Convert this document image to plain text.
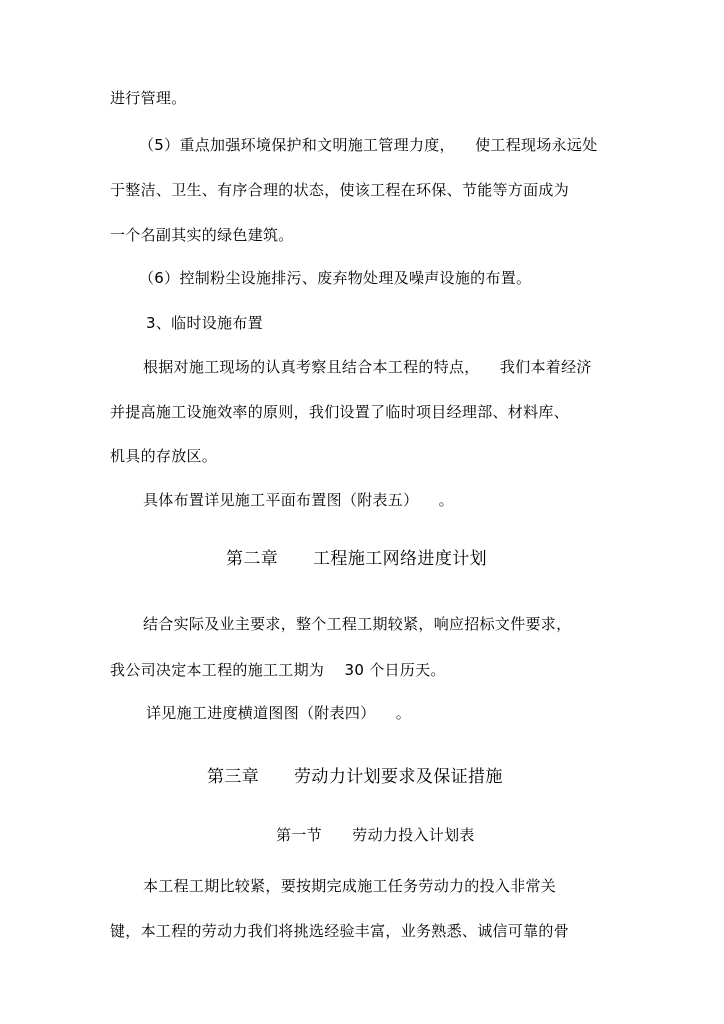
进行管理。
（5）重点加强环境保护和文明施工管理力度，    使工程现场永远处
于整洁、卫生、有序合理的状态，使该工程在环保、节能等方面成为
一个名副其实的绿色建筑。
（6）控制粉尘设施排污、废弃物处理及噪声设施的布置。
3、临时设施布置
根据对施工现场的认真考察且结合本工程的特点，    我们本着经济
并提高施工设施效率的原则，我们设置了临时项目经理部、材料库、
机具的存放区。
具体布置详见施工平面布置图（附表五）    。
第二章      工程施工网络进度计划
结合实际及业主要求，整个工程工期较紧，响应招标文件要求，
我公司决定本工程的施工工期为    30 个日历天。
详见施工进度横道图图（附表四）    。
第三章      劳动力计划要求及保证措施
第一节      劳动力投入计划表
本工程工期比较紧，要按期完成施工任务劳动力的投入非常关
键，本工程的劳动力我们将挑选经验丰富，业务熟悉、诚信可靠的骨
